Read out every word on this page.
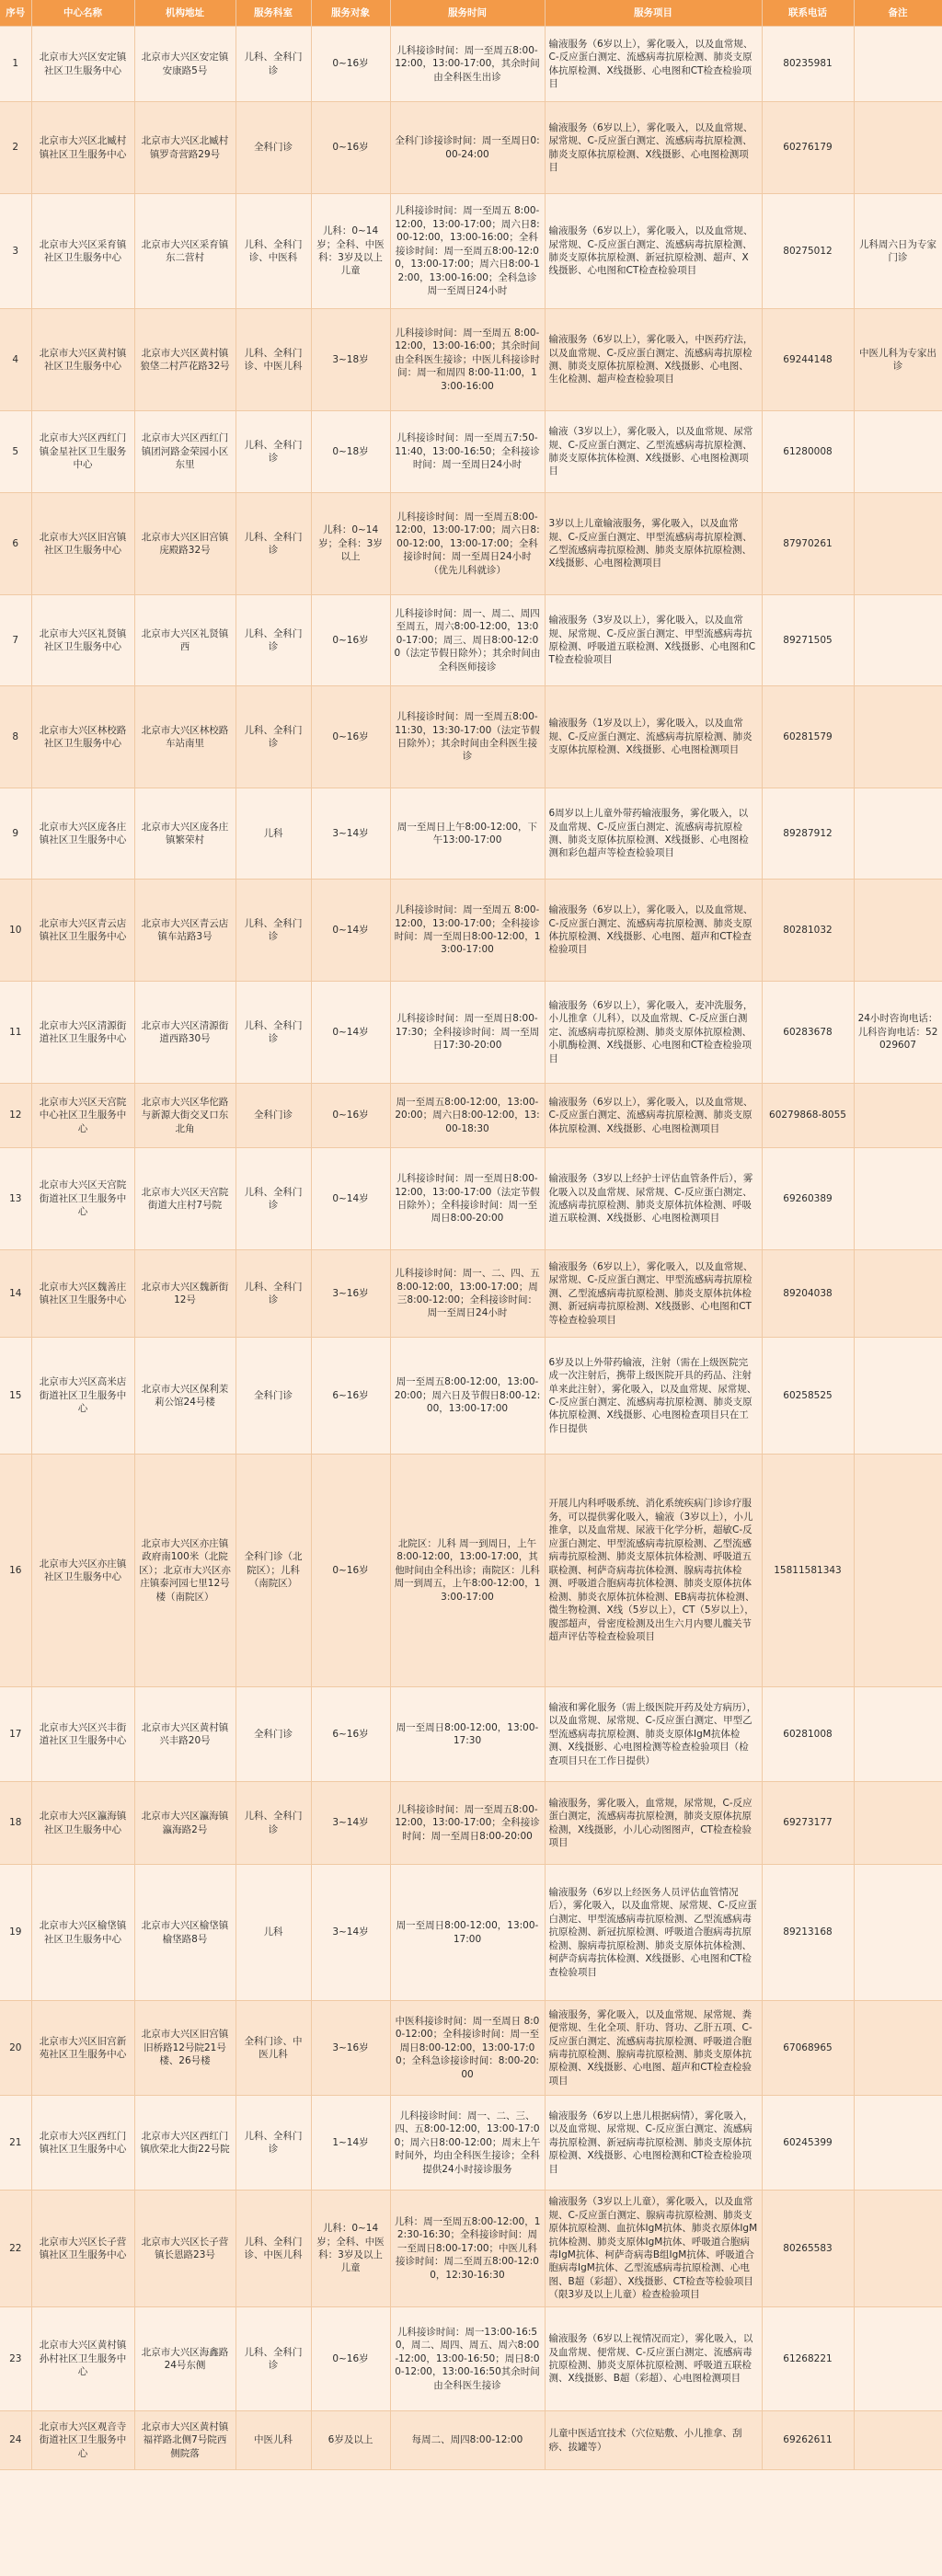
序号	中心名称	机构地址	服务科室	服务对象	服务时间	服务项目	联系电话	备注
1	北京市大兴区安定镇社区卫生服务中心	北京市大兴区安定镇安康路5号	儿科、全科门诊	0~16岁	儿科接诊时间：周一至周五8:00-12:00，13:00-17:00，其余时间由全科医生出诊	输液服务（6岁以上），雾化吸入，以及血常规、C-反应蛋白测定、流感病毒抗原检测、肺炎支原体抗原检测、X线摄影、心电图和CT检查检验项目	80235981	
2	北京市大兴区北臧村镇社区卫生服务中心	北京市大兴区北臧村镇罗奇营路29号	全科门诊	0~16岁	全科门诊接诊时间：周一至周日0:00-24:00	输液服务（6岁以上），雾化吸入，以及血常规、尿常规、C-反应蛋白测定、流感病毒抗原检测、肺炎支原体抗原检测、X线摄影、心电图检测项目	60276179	
3	北京市大兴区采育镇社区卫生服务中心	北京市大兴区采育镇东二营村	儿科、全科门诊、中医科	儿科：0~14岁；全科、中医科：3岁及以上儿童	儿科接诊时间：周一至周五 8:00-12:00，13:00-17:00；周六日8:00-12:00，13:00-16:00；全科接诊时间：周一至周五8:00-12:00，13:00-17:00；周六日8:00-12:00，13:00-16:00；全科急诊周一至周日24小时	输液服务（6岁以上），雾化吸入，以及血常规、尿常规、C-反应蛋白测定、流感病毒抗原检测、肺炎支原体抗原检测、新冠抗原检测、超声、X线摄影、心电图和CT检查检验项目	80275012	儿科周六日为专家门诊
4	北京市大兴区黄村镇社区卫生服务中心	北京市大兴区黄村镇狼垡二村芦花路32号	儿科、全科门诊、中医儿科	3~18岁	儿科接诊时间：周一至周五 8:00-12:00，13:00-16:00；其余时间由全科医生接诊；中医儿科接诊时间：周一和周四 8:00-11:00，13:00-16:00	输液服务（6岁以上），雾化吸入，中医药疗法，以及血常规、C-反应蛋白测定、流感病毒抗原检测、肺炎支原体抗原检测、X线摄影、心电图、生化检测、超声检查检验项目	69244148	中医儿科为专家出诊
5	北京市大兴区西红门镇金星社区卫生服务中心	北京市大兴区西红门镇团河路金荣园小区东里	儿科、全科门诊	0~18岁	儿科接诊时间：周一至周五7:50-11:40，13:00-16:50；全科接诊时间：周一至周日24小时	输液（3岁以上），雾化吸入，以及血常规、尿常规、C-反应蛋白测定、乙型流感病毒抗原检测、肺炎支原体抗体检测、X线摄影、心电图检测项目	61280008	
6	北京市大兴区旧宫镇社区卫生服务中心	北京市大兴区旧宫镇庑殿路32号	儿科、全科门诊	儿科：0~14岁；全科：3岁以上	儿科接诊时间：周一至周五8:00-12:00，13:00-17:00；周六日8:00-12:00，13:00-17:00；全科接诊时间：周一至周日24小时（优先儿科就诊）	3岁以上儿童输液服务，雾化吸入，以及血常规、C-反应蛋白测定、甲型流感病毒抗原检测、乙型流感病毒抗原检测、肺炎支原体抗原检测、X线摄影、心电图检测项目	87970261	
7	北京市大兴区礼贤镇社区卫生服务中心	北京市大兴区礼贤镇西	儿科、全科门诊	0~16岁	儿科接诊时间：周一、周二、周四至周五，周六8:00-12:00，13:00-17:00；周三、周日8:00-12:00（法定节假日除外）；其余时间由全科医师接诊	输液服务（3岁及以上），雾化吸入，以及血常规、尿常规、C-反应蛋白测定、甲型流感病毒抗原检测、呼吸道五联检测、X线摄影、心电图和CT检查检验项目	89271505	
8	北京市大兴区林校路社区卫生服务中心	北京市大兴区林校路车站南里	儿科、全科门诊	0~16岁	儿科接诊时间：周一至周五8:00-11:30，13:30-17:00（法定节假日除外）；其余时间由全科医生接诊	输液服务（1岁及以上），雾化吸入，以及血常规、C-反应蛋白测定、流感病毒抗原检测、肺炎支原体抗原检测、X线摄影、心电图检测项目	60281579	
9	北京市大兴区庞各庄镇社区卫生服务中心	北京市大兴区庞各庄镇繁荣村	儿科	3~14岁	周一至周日上午8:00-12:00，下午13:00-17:00	6周岁以上儿童外带药输液服务，雾化吸入，以及血常规、C-反应蛋白测定、流感病毒抗原检测、肺炎支原体抗原检测、X线摄影、心电图检测和彩色超声等检查检验项目	89287912	
10	北京市大兴区青云店镇社区卫生服务中心	北京市大兴区青云店镇车站路3号	儿科、全科门诊	0~14岁	儿科接诊时间：周一至周五 8:00-12:00，13:00-17:00；全科接诊时间：周一至周日8:00-12:00，13:00-17:00	输液服务（6岁以上），雾化吸入，以及血常规、C-反应蛋白测定、流感病毒抗原检测、肺炎支原体抗原检测、X线摄影、心电图、超声和CT检查检验项目	80281032	
11	北京市大兴区清源街道社区卫生服务中心	北京市大兴区清源街道西路30号	儿科、全科门诊	0~14岁	儿科接诊时间：周一至周日8:00-17:30；全科接诊时间：周一至周日17:30-20:00	输液服务（6岁以上），雾化吸入，麦冲洗服务，小儿推拿（儿科），以及血常规、C-反应蛋白测定、流感病毒抗原检测、肺炎支原体抗原检测、小肌酶检测、X线摄影、心电图和CT检查检验项目	60283678	24小时咨询电话：儿科咨询电话：52029607
12	北京市大兴区天宫院中心社区卫生服务中心	北京市大兴区华佗路与新源大街交叉口东北角	全科门诊	0~16岁	周一至周五8:00-12:00，13:00-20:00；周六日8:00-12:00，13:00-18:30	输液服务（6岁以上），雾化吸入，以及血常规、C-反应蛋白测定、流感病毒抗原检测、肺炎支原体抗原检测、X线摄影、心电图检测项目	60279868-8055	
13	北京市大兴区天宫院街道社区卫生服务中心	北京市大兴区天宫院街道大庄村7号院	儿科、全科门诊	0~14岁	儿科接诊时间：周一至周日8:00-12:00，13:00-17:00（法定节假日除外）；全科接诊时间：周一至周日8:00-20:00	输液服务（3岁以上经护士评估血管条件后），雾化吸入以及血常规、尿常规、C-反应蛋白测定、流感病毒抗原检测、肺炎支原体抗体检测、呼吸道五联检测、X线摄影、心电图检测项目	69260389	
14	北京市大兴区魏善庄镇社区卫生服务中心	北京市大兴区魏新街12号	儿科、全科门诊	3~16岁	儿科接诊时间：周一、二、四、五8:00-12:00，13:00-17:00；周三8:00-12:00；全科接诊时间：周一至周日24小时	输液服务（6岁以上），雾化吸入，以及血常规、尿常规、C-反应蛋白测定、甲型流感病毒抗原检测、乙型流感病毒抗原检测、肺炎支原体抗体检测、新冠病毒抗原检测、X线摄影、心电图和CT等检查检验项目	89204038	
15	北京市大兴区高米店街道社区卫生服务中心	北京市大兴区保利茉莉公馆24号楼	全科门诊	6~16岁	周一至周五8:00-12:00，13:00-20:00；周六日及节假日8:00-12:00，13:00-17:00	6岁及以上外带药输液，注射（需在上级医院完成一次注射后，携带上级医院开具的药品、注射单来此注射），雾化吸入，以及血常规、尿常规、C-反应蛋白测定、流感病毒抗原检测、肺炎支原体抗原检测、X线摄影、心电图检查项目只在工作日提供	60258525	
16	北京市大兴区亦庄镇社区卫生服务中心	北京市大兴区亦庄镇政府南100米（北院区）；北京市大兴区亦庄镇泰河园七里12号楼（南院区）	全科门诊（北院区）；儿科（南院区）	0~16岁	北院区：儿科 周一到周日，上午8:00-12:00，13:00-17:00，其他时间由全科出诊；南院区：儿科周一到周五，上午8:00-12:00，13:00-17:00	开展儿内科呼吸系统、消化系统疾病门诊诊疗服务，可以提供雾化吸入，输液（3岁以上），小儿推拿，以及血常规、尿液干化学分析，超敏C-反应蛋白测定、甲型流感病毒抗原检测、乙型流感病毒抗原检测、肺炎支原体抗体检测、呼吸道五联检测、柯萨奇病毒抗体检测、腺病毒抗体检测、呼吸道合胞病毒抗体检测、肺炎支原体抗体检测、肺炎衣原体抗体检测、EB病毒抗体检测、微生物检测、X线（5岁以上），CT（5岁以上），腹部超声，骨密度检测及出生六月内婴儿髋关节超声评估等检查检验项目	15811581343	
17	北京市大兴区兴丰街道社区卫生服务中心	北京市大兴区黄村镇兴丰路20号	全科门诊	6~16岁	周一至周日8:00-12:00，13:00-17:30	输液和雾化服务（需上级医院开药及处方病历），以及血常规、尿常规、C-反应蛋白测定、甲型乙型流感病毒抗原检测、肺炎支原体IgM抗体检测、X线摄影、心电图检测等检查检验项目（检查项目只在工作日提供）	60281008	
18	北京市大兴区瀛海镇社区卫生服务中心	北京市大兴区瀛海镇瀛海路2号	儿科、全科门诊	3~14岁	儿科接诊时间：周一至周五8:00-12:00，13:00-17:00；全科接诊时间：周一至周日8:00-20:00	输液服务，雾化吸入，血常规，尿常规，C-反应蛋白测定，流感病毒抗原检测，肺炎支原体抗原检测，X线摄影，小儿心动图图声，CT检查检验项目	69273177	
19	北京市大兴区榆垡镇社区卫生服务中心	北京市大兴区榆垡镇榆垡路8号	儿科	3~14岁	周一至周日8:00-12:00，13:00-17:00	输液服务（6岁以上经医务人员评估血管情况后），雾化吸入，以及血常规、尿常规、C-反应蛋白测定、甲型流感病毒抗原检测、乙型流感病毒抗原检测、新冠抗原检测、呼吸道合胞病毒抗原检测、腺病毒抗原检测、肺炎支原体抗体检测、柯萨奇病毒抗体检测、X线摄影、心电图和CT检查检验项目	89213168	
20	北京市大兴区旧宫新苑社区卫生服务中心	北京市大兴区旧宫镇旧桥路12号院21号楼、26号楼	全科门诊、中医儿科	3~16岁	中医科接诊时间：周一至周日 8:00-12:00；全科接诊时间：周一至周日8:00-12:00，13:00-17:00；全科急诊接诊时间：8:00-20:00	输液服务，雾化吸入，以及血常规、尿常规、粪便常规、生化全项、肝功、肾功、乙肝五项、C-反应蛋白测定、流感病毒抗原检测、呼吸道合胞病毒抗原检测、腺病毒抗原检测、肺炎支原体抗原检测、X线摄影、心电图、超声和CT检查检验项目	67068965	
21	北京市大兴区西红门镇社区卫生服务中心	北京市大兴区西红门镇欣荣北大街22号院	儿科、全科门诊	1~14岁	儿科接诊时间：周一、二、三、四、五8:00-12:00，13:00-17:00；周六日8:00-12:00；周末上午时间外，均由全科医生接诊；全科提供24小时接诊服务	输液服务（6岁以上患儿根据病情），雾化吸入，以及血常规、尿常规、C-反应蛋白测定、流感病毒抗原检测、新冠病毒抗原检测、肺炎支原体抗原检测、X线摄影、心电图检测和CT检查检验项目	60245399	
22	北京市大兴区长子营镇社区卫生服务中心	北京市大兴区长子营镇长恩路23号	儿科、全科门诊、中医儿科	儿科：0~14岁；全科、中医科：3岁及以上儿童	儿科：周一至周五8:00-12:00，12:30-16:30；全科接诊时间：周一至周日8:00-17:00；中医儿科接诊时间：周二至周五8:00-12:00，12:30-16:30	输液服务（3岁以上儿童），雾化吸入，以及血常规、C-反应蛋白测定、腺病毒抗原检测、肺炎支原体抗原检测、血抗体IgM抗体、肺炎衣原体IgM抗体检测、肺炎支原体IgM抗体、呼吸道合胞病毒IgM抗体、柯萨奇病毒B组IgM抗体、呼吸道合胞病毒IgM抗体、乙型流感病毒抗原检测、心电图、B超（彩超）、X线摄影、CT检查等检验项目（限3岁及以上儿童）检查检验项目	80265583	
23	北京市大兴区黄村镇孙村社区卫生服务中心	北京市大兴区海鑫路24号东侧	儿科、全科门诊	0~16岁	儿科接诊时间：周一13:00-16:50，周二、周四、周五、周六8:00-12:00，13:00-16:50；周日8:00-12:00，13:00-16:50其余时间由全科医生接诊	输液服务（6岁以上视情况而定），雾化吸入，以及血常规、便常规、C-反应蛋白测定、流感病毒抗原检测、肺炎支原体抗原检测、呼吸道五联检测、X线摄影、B超（彩超）、心电图检测项目	61268221	
24	北京市大兴区观音寺街道社区卫生服务中心	北京市大兴区黄村镇福祥路北侧7号院西侧院落	中医儿科	6岁及以上	每周二、周四8:00-12:00	儿童中医适宜技术（穴位贴敷、小儿推拿、刮痧、拔罐等）	69262611	
